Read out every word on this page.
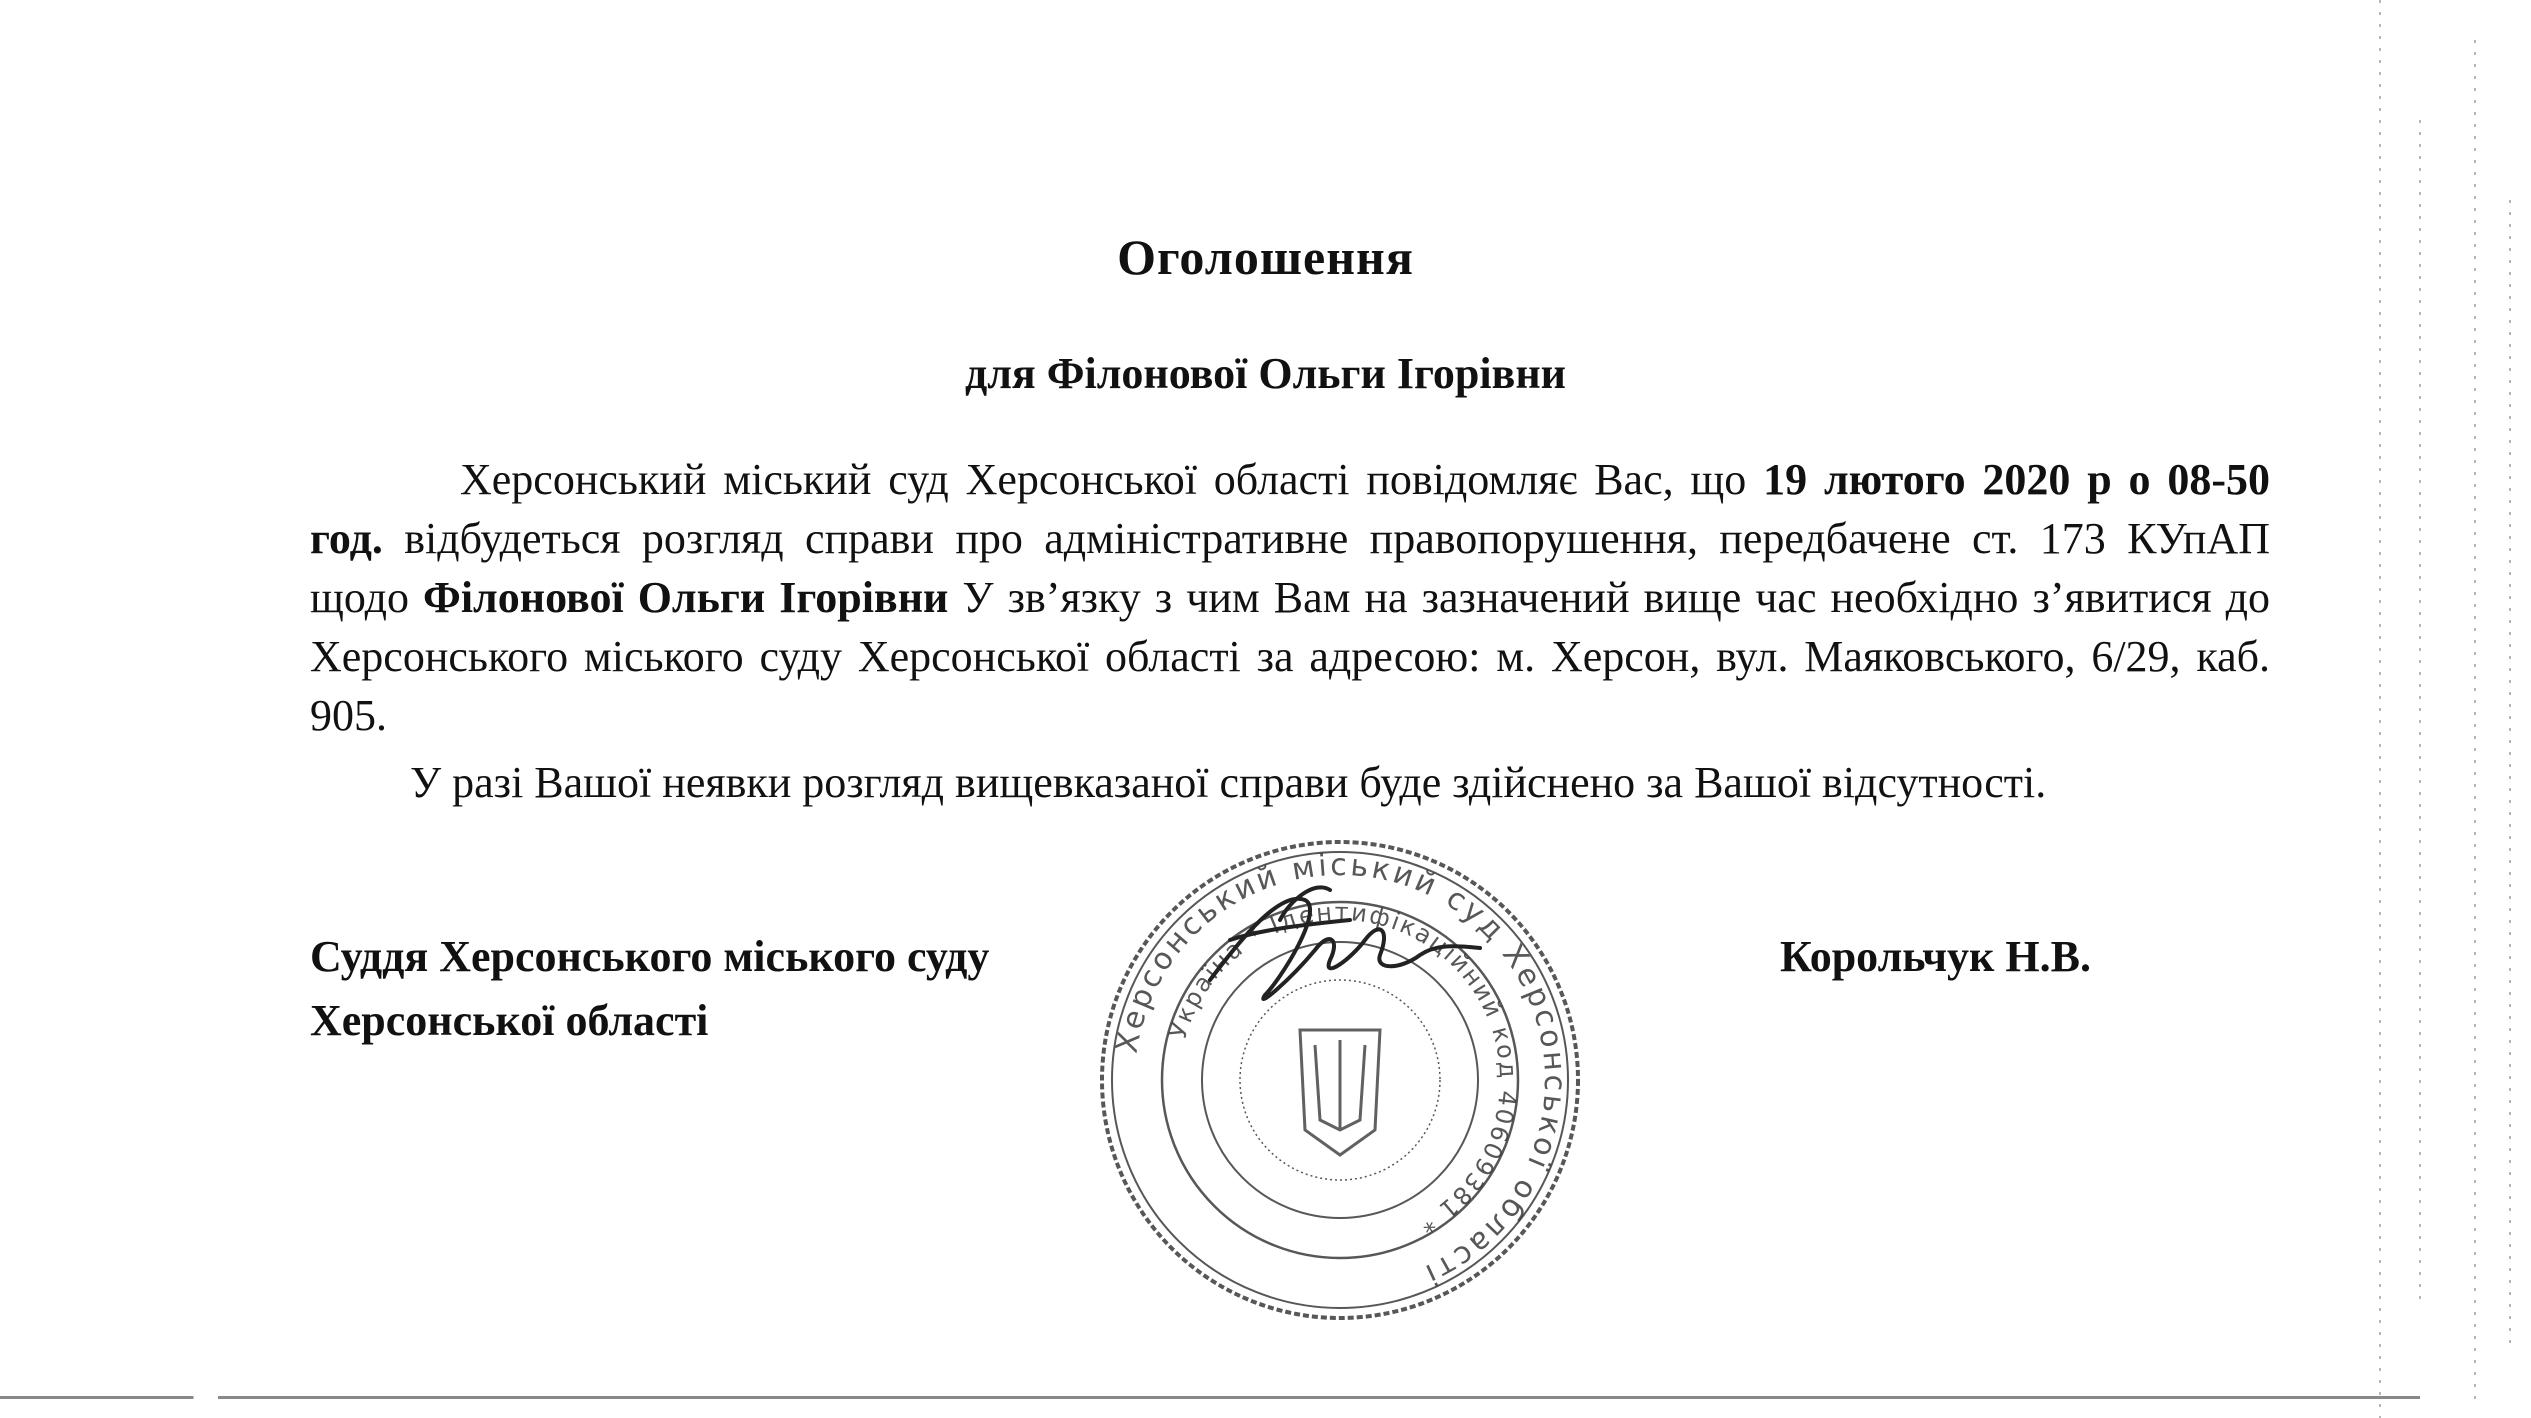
Оголошення
для Філонової Ольги Ігорівни

Херсонський міський суд Херсонської області повідомляє Вас, що 19 лютого 2020 р о 08-50 год. відбудеться розгляд справи про адміністративне правопорушення, передбачене ст. 173 КУпАП щодо Філонової Ольги Ігорівни У зв’язку з чим Вам на зазначений вище час необхідно з’явитися до Херсонського міського суду Херсонської області за адресою: м. Херсон, вул. Маяковського, 6/29, каб. 905.

У разі Вашої неявки розгляд вищевказаної справи буде здійснено за Вашої відсутності.

Суддя Херсонського міського суду
Херсонської області
Корольчук Н.В.
Херсонський міський суд Херсонської області
Україна * Ідентифікаційний код 40609381 *
